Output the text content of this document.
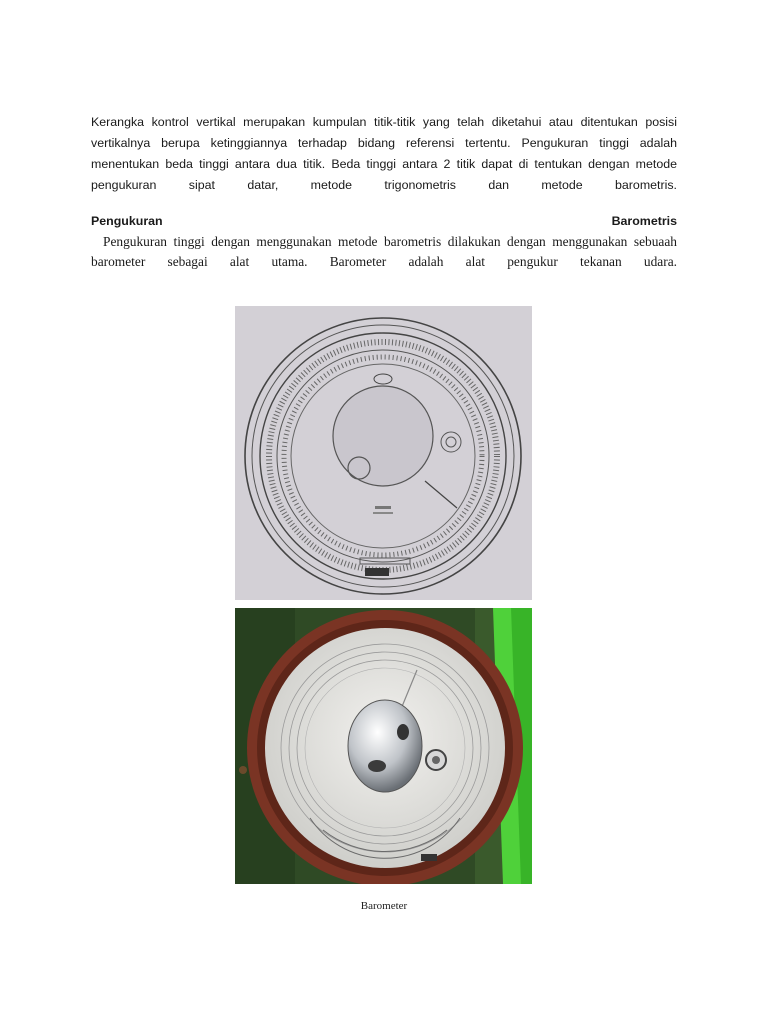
Kerangka kontrol vertikal merupakan kumpulan titik-titik yang telah diketahui atau ditentukan posisi vertikalnya berupa ketinggiannya terhadap bidang referensi tertentu. Pengukuran tinggi adalah menentukan beda tinggi antara dua titik. Beda tinggi antara 2 titik dapat di tentukan dengan metode pengukuran sipat datar, metode trigonometris dan metode barometris.

Pengukuran	Barometris

Pengukuran tinggi dengan menggunakan metode barometris dilakukan dengan menggunakan sebuaah barometer sebagai alat utama. Barometer adalah alat pengukur tekanan udara.

Barometer
